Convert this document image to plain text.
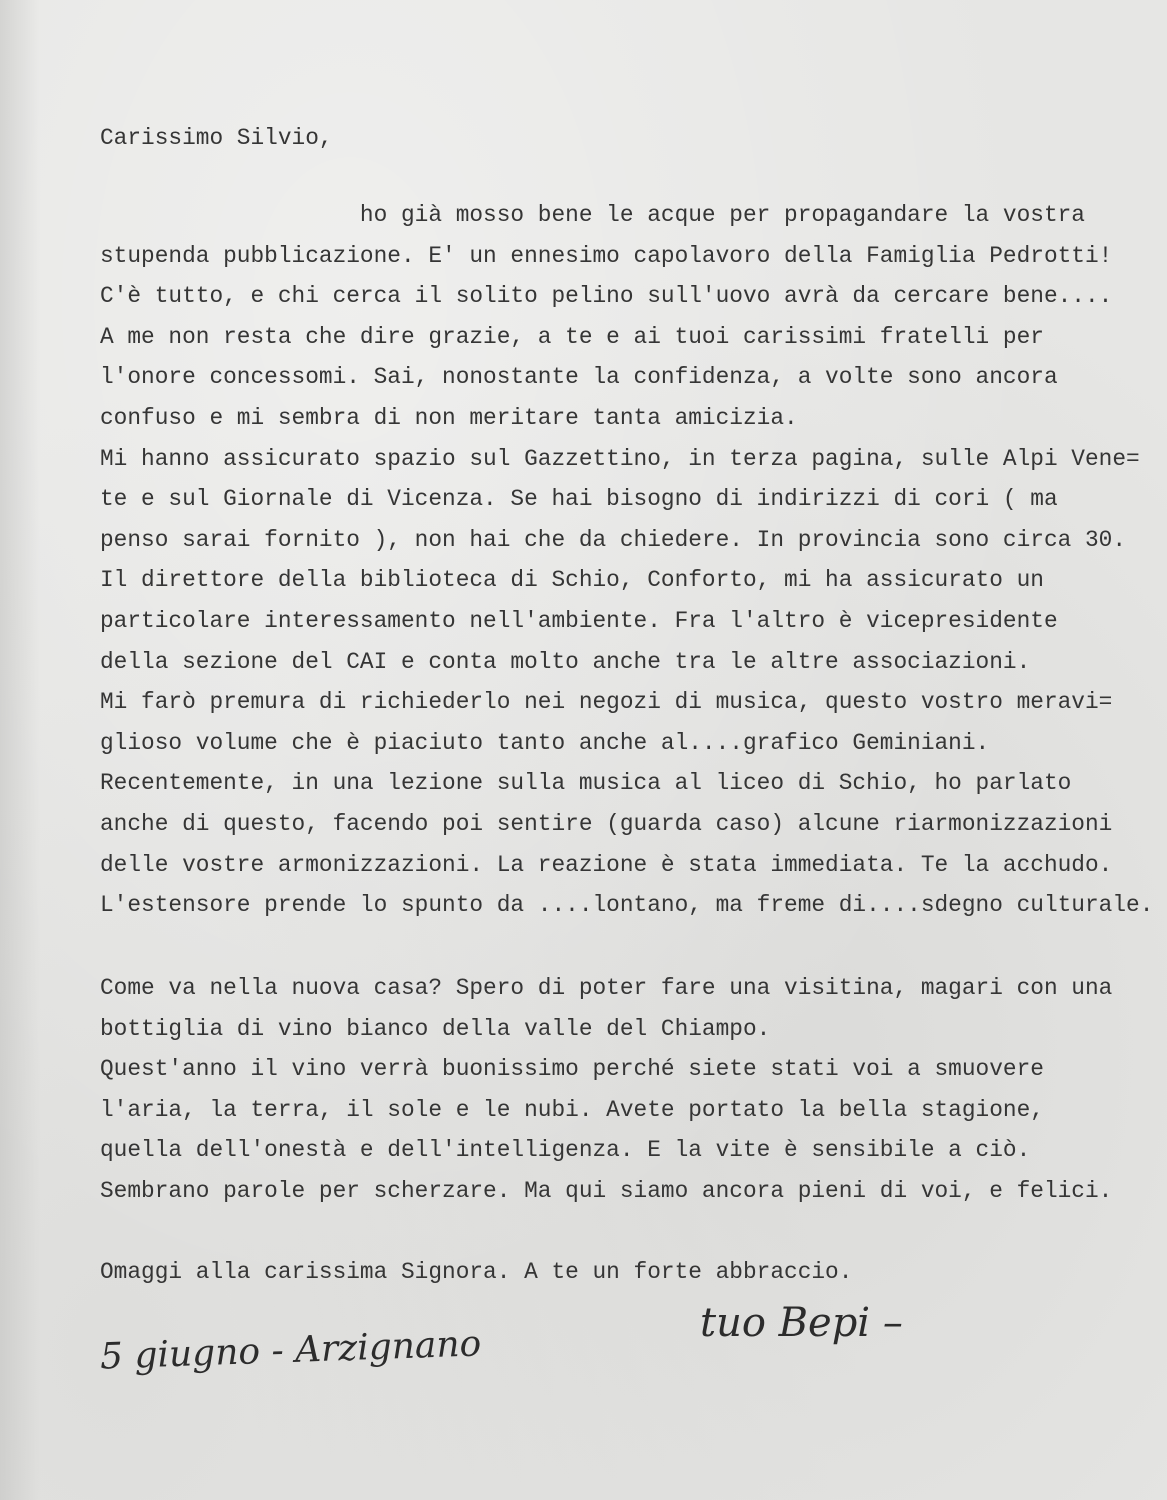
Carissimo Silvio,
ho già mosso bene le acque per propagandare la vostra
stupenda pubblicazione. E' un ennesimo capolavoro della Famiglia Pedrotti!
C'è tutto, e chi cerca il solito pelino sull'uovo avrà da cercare bene....
A me non resta che dire grazie, a te e ai tuoi carissimi fratelli per
l'onore concessomi. Sai, nonostante la confidenza, a volte sono ancora
confuso e mi sembra di non meritare tanta amicizia.
Mi hanno assicurato spazio sul Gazzettino, in terza pagina, sulle Alpi Vene=
te e sul Giornale di Vicenza. Se hai bisogno di indirizzi di cori ( ma
penso sarai fornito ), non hai che da chiedere. In provincia sono circa 30.
Il direttore della biblioteca di Schio, Conforto, mi ha assicurato un
particolare interessamento nell'ambiente. Fra l'altro è vicepresidente
della sezione del CAI e conta molto anche tra le altre associazioni.
Mi farò premura di richiederlo nei negozi di musica, questo vostro meravi=
glioso volume che è piaciuto tanto anche al....grafico Geminiani.
Recentemente, in una lezione sulla musica al liceo di Schio, ho parlato
anche di questo, facendo poi sentire (guarda caso) alcune riarmonizzazioni
delle vostre armonizzazioni. La reazione è stata immediata. Te la acchudo.
L'estensore prende lo spunto da ....lontano, ma freme di....sdegno culturale.
Come va nella nuova casa? Spero di poter fare una visitina, magari con una
bottiglia di vino bianco della valle del Chiampo.
Quest'anno il vino verrà buonissimo perché siete stati voi a smuovere
l'aria, la terra, il sole e le nubi. Avete portato la bella stagione,
quella dell'onestà e dell'intelligenza. E la vite è sensibile a ciò.
Sembrano parole per scherzare. Ma qui siamo ancora pieni di voi, e felici.
Omaggi alla carissima Signora. A te un forte abbraccio.
5 giugno - Arzignano
tuo Bepi –
